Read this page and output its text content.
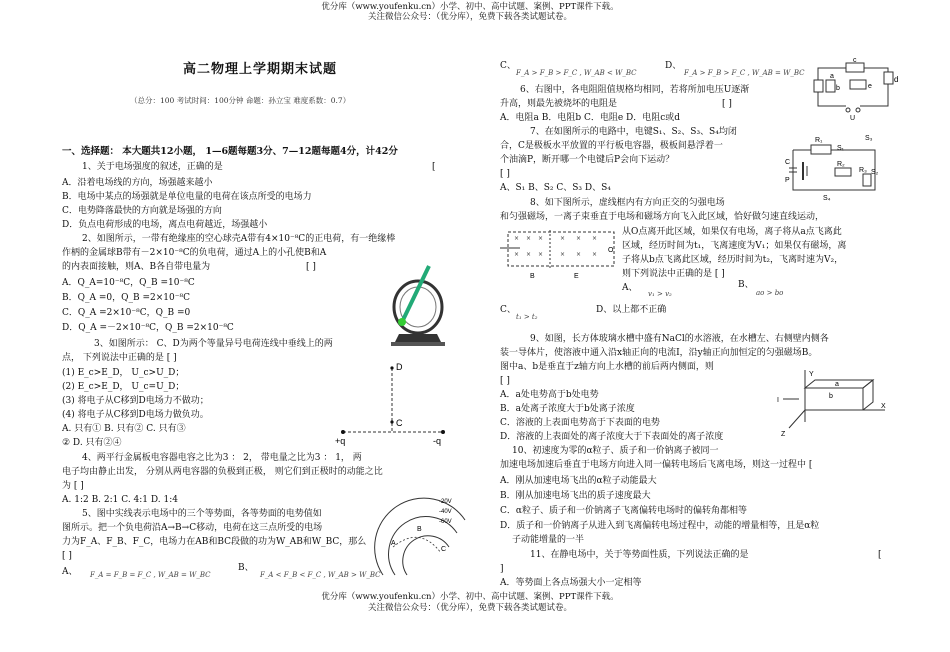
优分库（www.youfenku.cn）小学、初中、高中试题、案例、PPT课件下载。
关注微信公众号：（优分库），免费下载各类试题试卷。
高二物理上学期期末试题
（总分：100 考试时间：100分钟 命题：孙立宝 难度系数：0.7）
一、选择题： 本大题共12小题， 1—6题每题3分、7—12题每题4分，计42分
1、关于电场强度的叙述，正确的是	[
A．沿着电场线的方向，场强越来越小
B．电场中某点的场强就是单位电量的电荷在该点所受的电场力
C．电势降落最快的方向就是场强的方向
D．负点电荷形成的电场，离点电荷越近，场强越小
2、如图所示，一带有绝缘座的空心球壳A带有4×10⁻⁸C的正电荷，有一绝缘棒
作柄的金属球B带有－2×10⁻⁸C的负电荷，通过A上的小孔使B和A
的内表面接触，则A、B各自带电量为	[ ]
A．Q_A=10⁻⁸C，Q_B =10⁻⁸C
B．Q_A =0，Q_B =2×10⁻⁸C
C．Q_A =2×10⁻⁸C，Q_B =0
D．Q_A =－2×10⁻⁸C，Q_B =2×10⁻⁸C
3、如图所示： C、D为两个等量异号电荷连线中垂线上的两
点， 下列说法中正确的是 [ ]
(1) E_c>E_D， U_c>U_D；
(2) E_c>E_D， U_c=U_D；
(3) 将电子从C移到D电场力不做功；
(4) 将电子从C移到D电场力做负功。
A. 只有① B. 只有② C. 只有③
② D. 只有②④
D
C
+q	-q
4、两平行金属板电容器电容之比为3 ： 2， 带电量之比为3 ： 1， 两
电子均由静止出发， 分别从两电容器的负极到正极， 则它们到正极时的动能之比
为 [ ]
A. 1:2 B. 2:1 C. 4:1 D. 1:4
5、图中实线表示电场中的三个等势面，各等势面的电势值如
图所示。把一个负电荷沿A→B→C移动，电荷在这三点所受的电场
力为F_A、F_B、F_C，电场力在AB和BC段做的功为W_AB和W_BC，那么
[ ]
A、 F_A = F_B = F_C , W_AB = W_BC
B、
F_A < F_B < F_C , W_AB > W_BC
-20V
-40V
-60V
A
B
C
C、
F_A > F_B > F_C , W_AB < W_BC
D、
F_A > F_B > F_C , W_AB = W_BC
6、右图中，各电阻阻值规格均相同，若将所加电压U逐渐
升高，则最先被烧坏的电阻是	[ ]
A．电阻a B．电阻b C．电阻e D．电阻c或d
a
b
c
d
e
U
7、在如图所示的电路中，电键S₁、S₂、S₃、S₄均闭
合，C是极板水平放置的平行板电容器，极板间悬浮着一
个油滴P，断开哪一个电键后P会向下运动？
[ ]
A、S₁ B、S₂ C、S₃ D、S₄
R₁
R₂
R₃
S₁
S₂
S₃
S₄
C
P
8、如下图所示，虚线框内有方向正交的匀强电场
和匀强磁场，一离子束垂直于电场和磁场方向飞入此区域，恰好做匀速直线运动，
从O点离开此区域，如果仅有电场，离子将从a点飞离此
区域，经历时间为t₁，飞离速度为V₁；如果仅有磁场，离
子将从b点飞离此区域，经历时间为t₂，飞离时速为V₂，
则下列说法中正确的是 [ ]
A、
v₁ > v₂
B、
ao > bo
C、
t₁ > t₂
D、以上都不正确
× × ×
× × ×
× × ×
× × ×
B	E
O
9、如图，长方体玻璃水槽中盛有NaCl的水溶液，在水槽左、右侧壁内侧各
装一导体片，使溶液中通入沿x轴正向的电流I，沿y轴正向加恒定的匀强磁场B。
图中a、b是垂直于z轴方向上水槽的前后两内侧面，则
[ ]
A．a处电势高于b处电势
B．a处离子浓度大于b处离子浓度
C．溶液的上表面电势高于下表面的电势
D．溶液的上表面处的离子浓度大于下表面处的离子浓度
Y
X
Z
I
b
a
10、初速度为零的α粒子、质子和一价钠离子被同一
加速电场加速后垂直于电场方向进入同一偏转电场后飞离电场，则这一过程中 [
A．刚从加速电场飞出的α粒子动能最大
B．刚从加速电场飞出的质子速度最大
C．α粒子、质子和一价钠离子飞离偏转电场时的偏转角都相等
D．质子和一价钠离子从进入到飞离偏转电场过程中，动能的增量相等，且是α粒
子动能增量的一半
11、在静电场中，关于等势面性质，下列说法正确的是	[
]
A．等势面上各点场强大小一定相等
优分库（www.youfenku.cn）小学、初中、高中试题、案例、PPT课件下载。
关注微信公众号：（优分库），免费下载各类试题试卷。
